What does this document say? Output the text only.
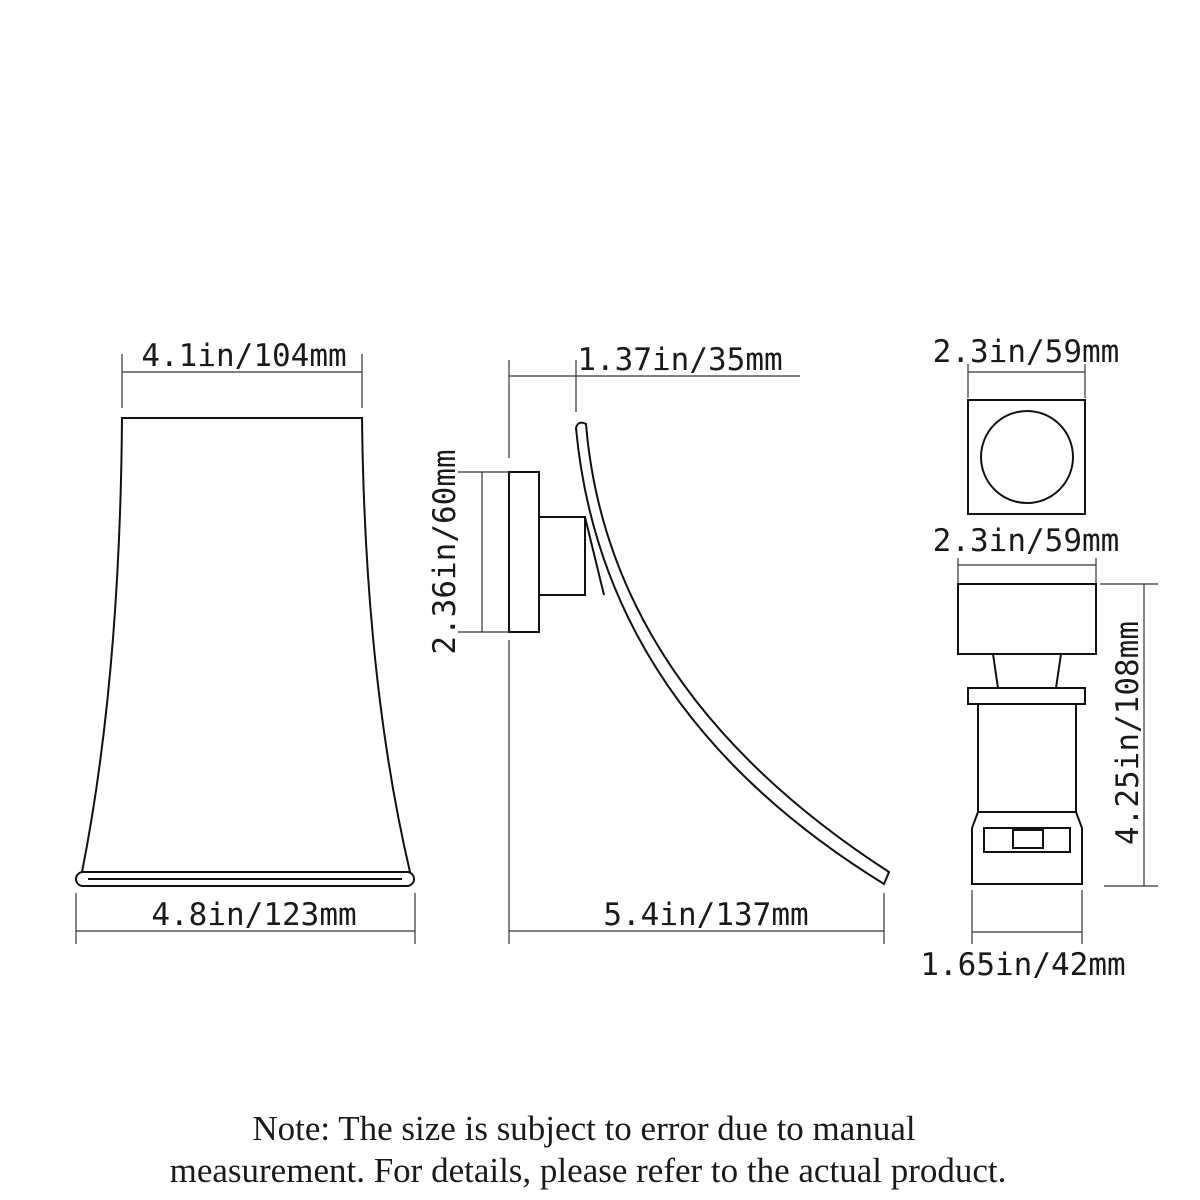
4.1in/104mm
4.8in/123mm
1.37in/35mm
2.36in/60mm
5.4in/137mm
2.3in/59mm
2.3in/59mm
4.25in/108mm
1.65in/42mm
Note: The size is subject to error due to manual
measurement. For details, please refer to the actual product.
